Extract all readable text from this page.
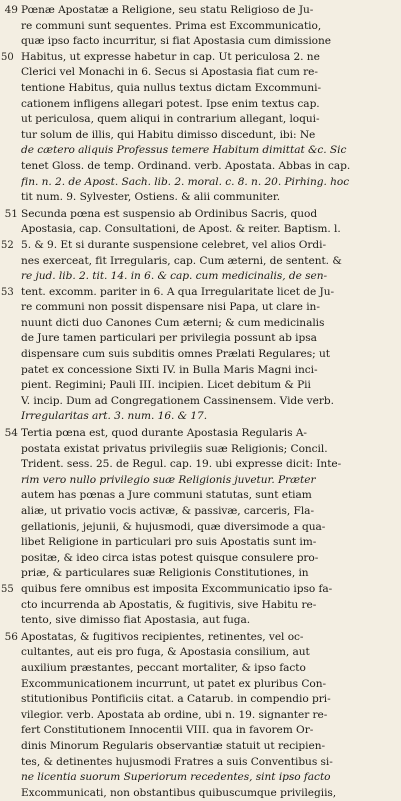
49 Pœnæ Apostatæ a Religione, seu statu Religioso de Ju-
re communi sunt sequentes. Prima est Excommunicatio,
quæ ipso facto incurritur, si fiat Apostasia cum dimissione
Habitus, ut expresse habetur in cap. Ut periculosa 2. ne
Clerici vel Monachi in 6. Secus si Apostasia fiat cum re-
tentione Habitus, quia nullus textus dictam Excommuni-
cationem infligens allegari potest. Ipse enim textus cap.
ut periculosa, quem aliqui in contrarium allegant, loqui-
tur solum de illis, qui Habitu dimisso discedunt, ibi: Ne
de cætero aliquis Professus temere Habitum dimittat &c. Sic
tenet Gloss. de temp. Ordinand. verb. Apostata. Abbas in cap.
fin. n. 2. de Apost. Sach. lib. 2. moral. c. 8. n. 20. Pirhing. hoc
tit num. 9. Sylvester, Ostiens. & alii communiter.
51 Secunda pœna est suspensio ab Ordinibus Sacris, quod
Apostasia, cap. Consultationi, de Apost. & reiter. Baptism. l.
5. & 9. Et si durante suspensione celebret, vel alios Ordi-
nes exerceat, fit Irregularis, cap. Cum æterni, de sentent. &
re jud. lib. 2. tit. 14. in 6. & cap. cum medicinalis, de sen-
tent. excomm. pariter in 6. A qua Irregularitate licet de Ju-
re communi non possit dispensare nisi Papa, ut clare in-
nuunt dicti duo Canones Cum æterni; & cum medicinalis
de Jure tamen particulari per privilegia possunt ab ipsa
dispensare cum suis subditis omnes Prælati Regulares; ut
patet ex concessione Sixti IV. in Bulla Maris Magni inci-
pient. Regimini; Pauli III. incipien. Licet debitum & Pii
V. incip. Dum ad Congregationem Cassinensem. Vide verb.
Irregularitas art. 3. num. 16. & 17.
54 Tertia pœna est, quod durante Apostasia Regularis A-
postata existat privatus privilegiis suæ Religionis; Concil.
Trident. sess. 25. de Regul. cap. 19. ubi expresse dicit: Inte-
rim vero nullo privilegio suæ Religionis juvetur. Præter
autem has pœnas a Jure communi statutas, sunt etiam
aliæ, ut privatio vocis activæ, & passivæ, carceris, Fla-
gellationis, jejunii, & hujusmodi, quæ diversimode a qua-
libet Religione in particulari pro suis Apostatis sunt im-
positæ, & ideo circa istas potest quisque consulere pro-
priæ, & particulares suæ Religionis Constitutiones, in
quibus fere omnibus est imposita Excommunicatio ipso fa-
cto incurrenda ab Apostatis, & fugitivis, sive Habitu re-
tento, sive dimisso fiat Apostasia, aut fuga.
56 Apostatas, & fugitivos recipientes, retinentes, vel oc-
cultantes, aut eis pro fuga, & Apostasia consilium, aut
auxilium præstantes, peccant mortaliter, & ipso facto
Excommunicationem incurrunt, ut patet ex pluribus Con-
stitutionibus Pontificiis citat. a Catarub. in compendio pri-
vilegior. verb. Apostata ab ordine, ubi n. 19. signanter re-
fert Constitutionem Innocentii VIII. qua in favorem Or-
dinis Minorum Regularis observantiæ statuit ut recipien-
tes, & detinentes hujusmodi Fratres a suis Conventibus si-
ne licentia suorum Superiorum recedentes, sint ipso facto
Excommunicati, non obstantibus quibuscumque privilegiis,
50
52
53
55
